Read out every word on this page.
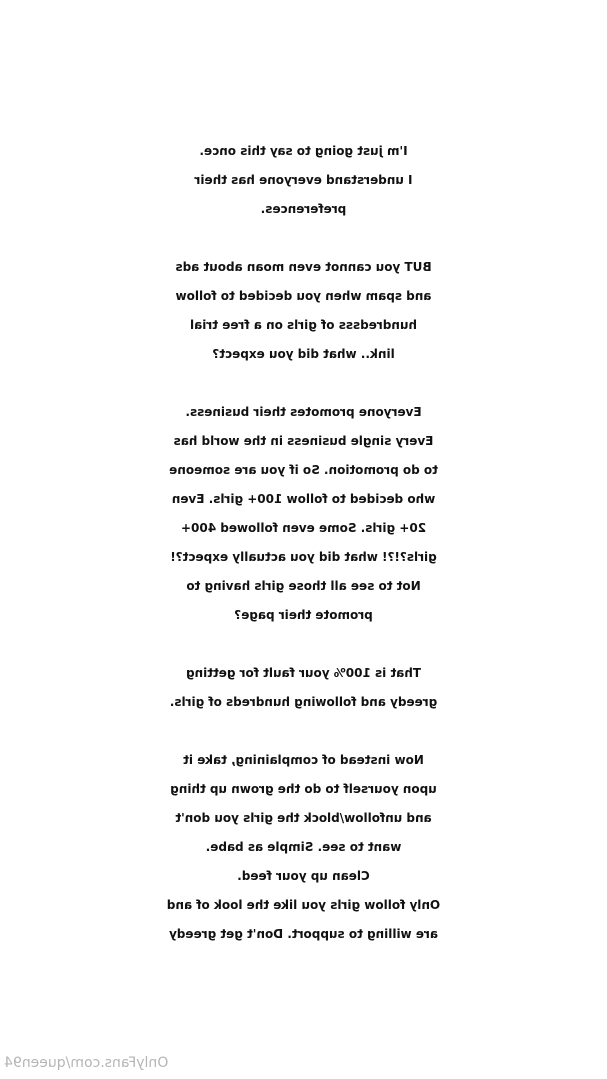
I'm just going to say this once.
I understand everyone has their
preferences.
BUT you cannot even moan about ads
and spam when you decided to follow
hundredsss of girls on a free trial
link.. what did you expect?
Everyone promotes their business.
Every single business in the world has
to do promotion. So if you are someone
who decided to follow 100+ girls. Even
20+ girls. Some even followed 400+
girls?!?! what did you actually expect?!
Not to see all those girls having to
promote their page?
That is 100% your fault for getting
greedy and following hundreds of girls.
Now instead of complaining, take it
upon yourself to do the grown up thing
and unfollow/block the girls you don't
want to see. Simple as babe.
Clean up your feed.
Only follow girls you like the look of and
are willing to support. Don't get greedy
OnlyFans.com/queen94
